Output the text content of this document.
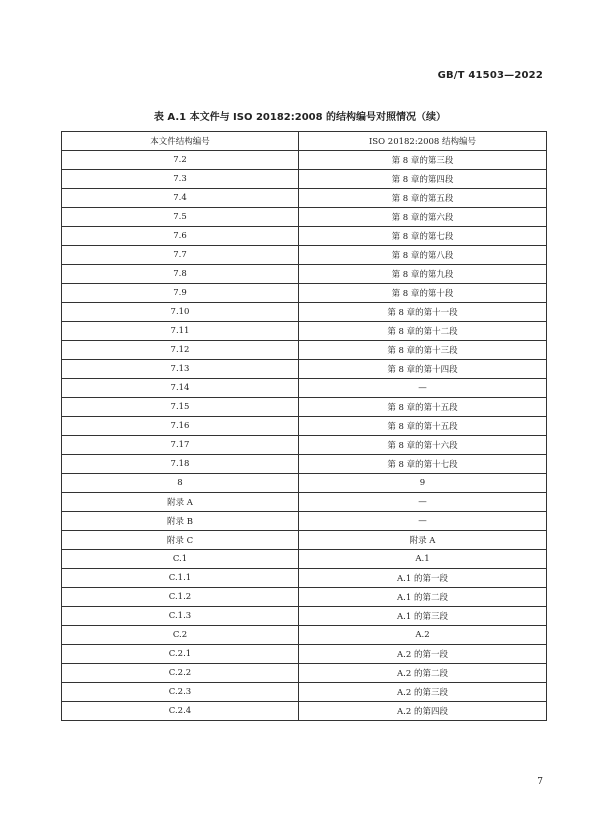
GB/T 41503—2022
表 A.1 本文件与 ISO 20182:2008 的结构编号对照情况（续）
本文件结构编号	ISO 20182:2008 结构编号
7.2	第 8 章的第三段
7.3	第 8 章的第四段
7.4	第 8 章的第五段
7.5	第 8 章的第六段
7.6	第 8 章的第七段
7.7	第 8 章的第八段
7.8	第 8 章的第九段
7.9	第 8 章的第十段
7.10	第 8 章的第十一段
7.11	第 8 章的第十二段
7.12	第 8 章的第十三段
7.13	第 8 章的第十四段
7.14	—
7.15	第 8 章的第十五段
7.16	第 8 章的第十五段
7.17	第 8 章的第十六段
7.18	第 8 章的第十七段
8	9
附录 A	—
附录 B	—
附录 C	附录 A
C.1	A.1
C.1.1	A.1 的第一段
C.1.2	A.1 的第二段
C.1.3	A.1 的第三段
C.2	A.2
C.2.1	A.2 的第一段
C.2.2	A.2 的第二段
C.2.3	A.2 的第三段
C.2.4	A.2 的第四段
7
